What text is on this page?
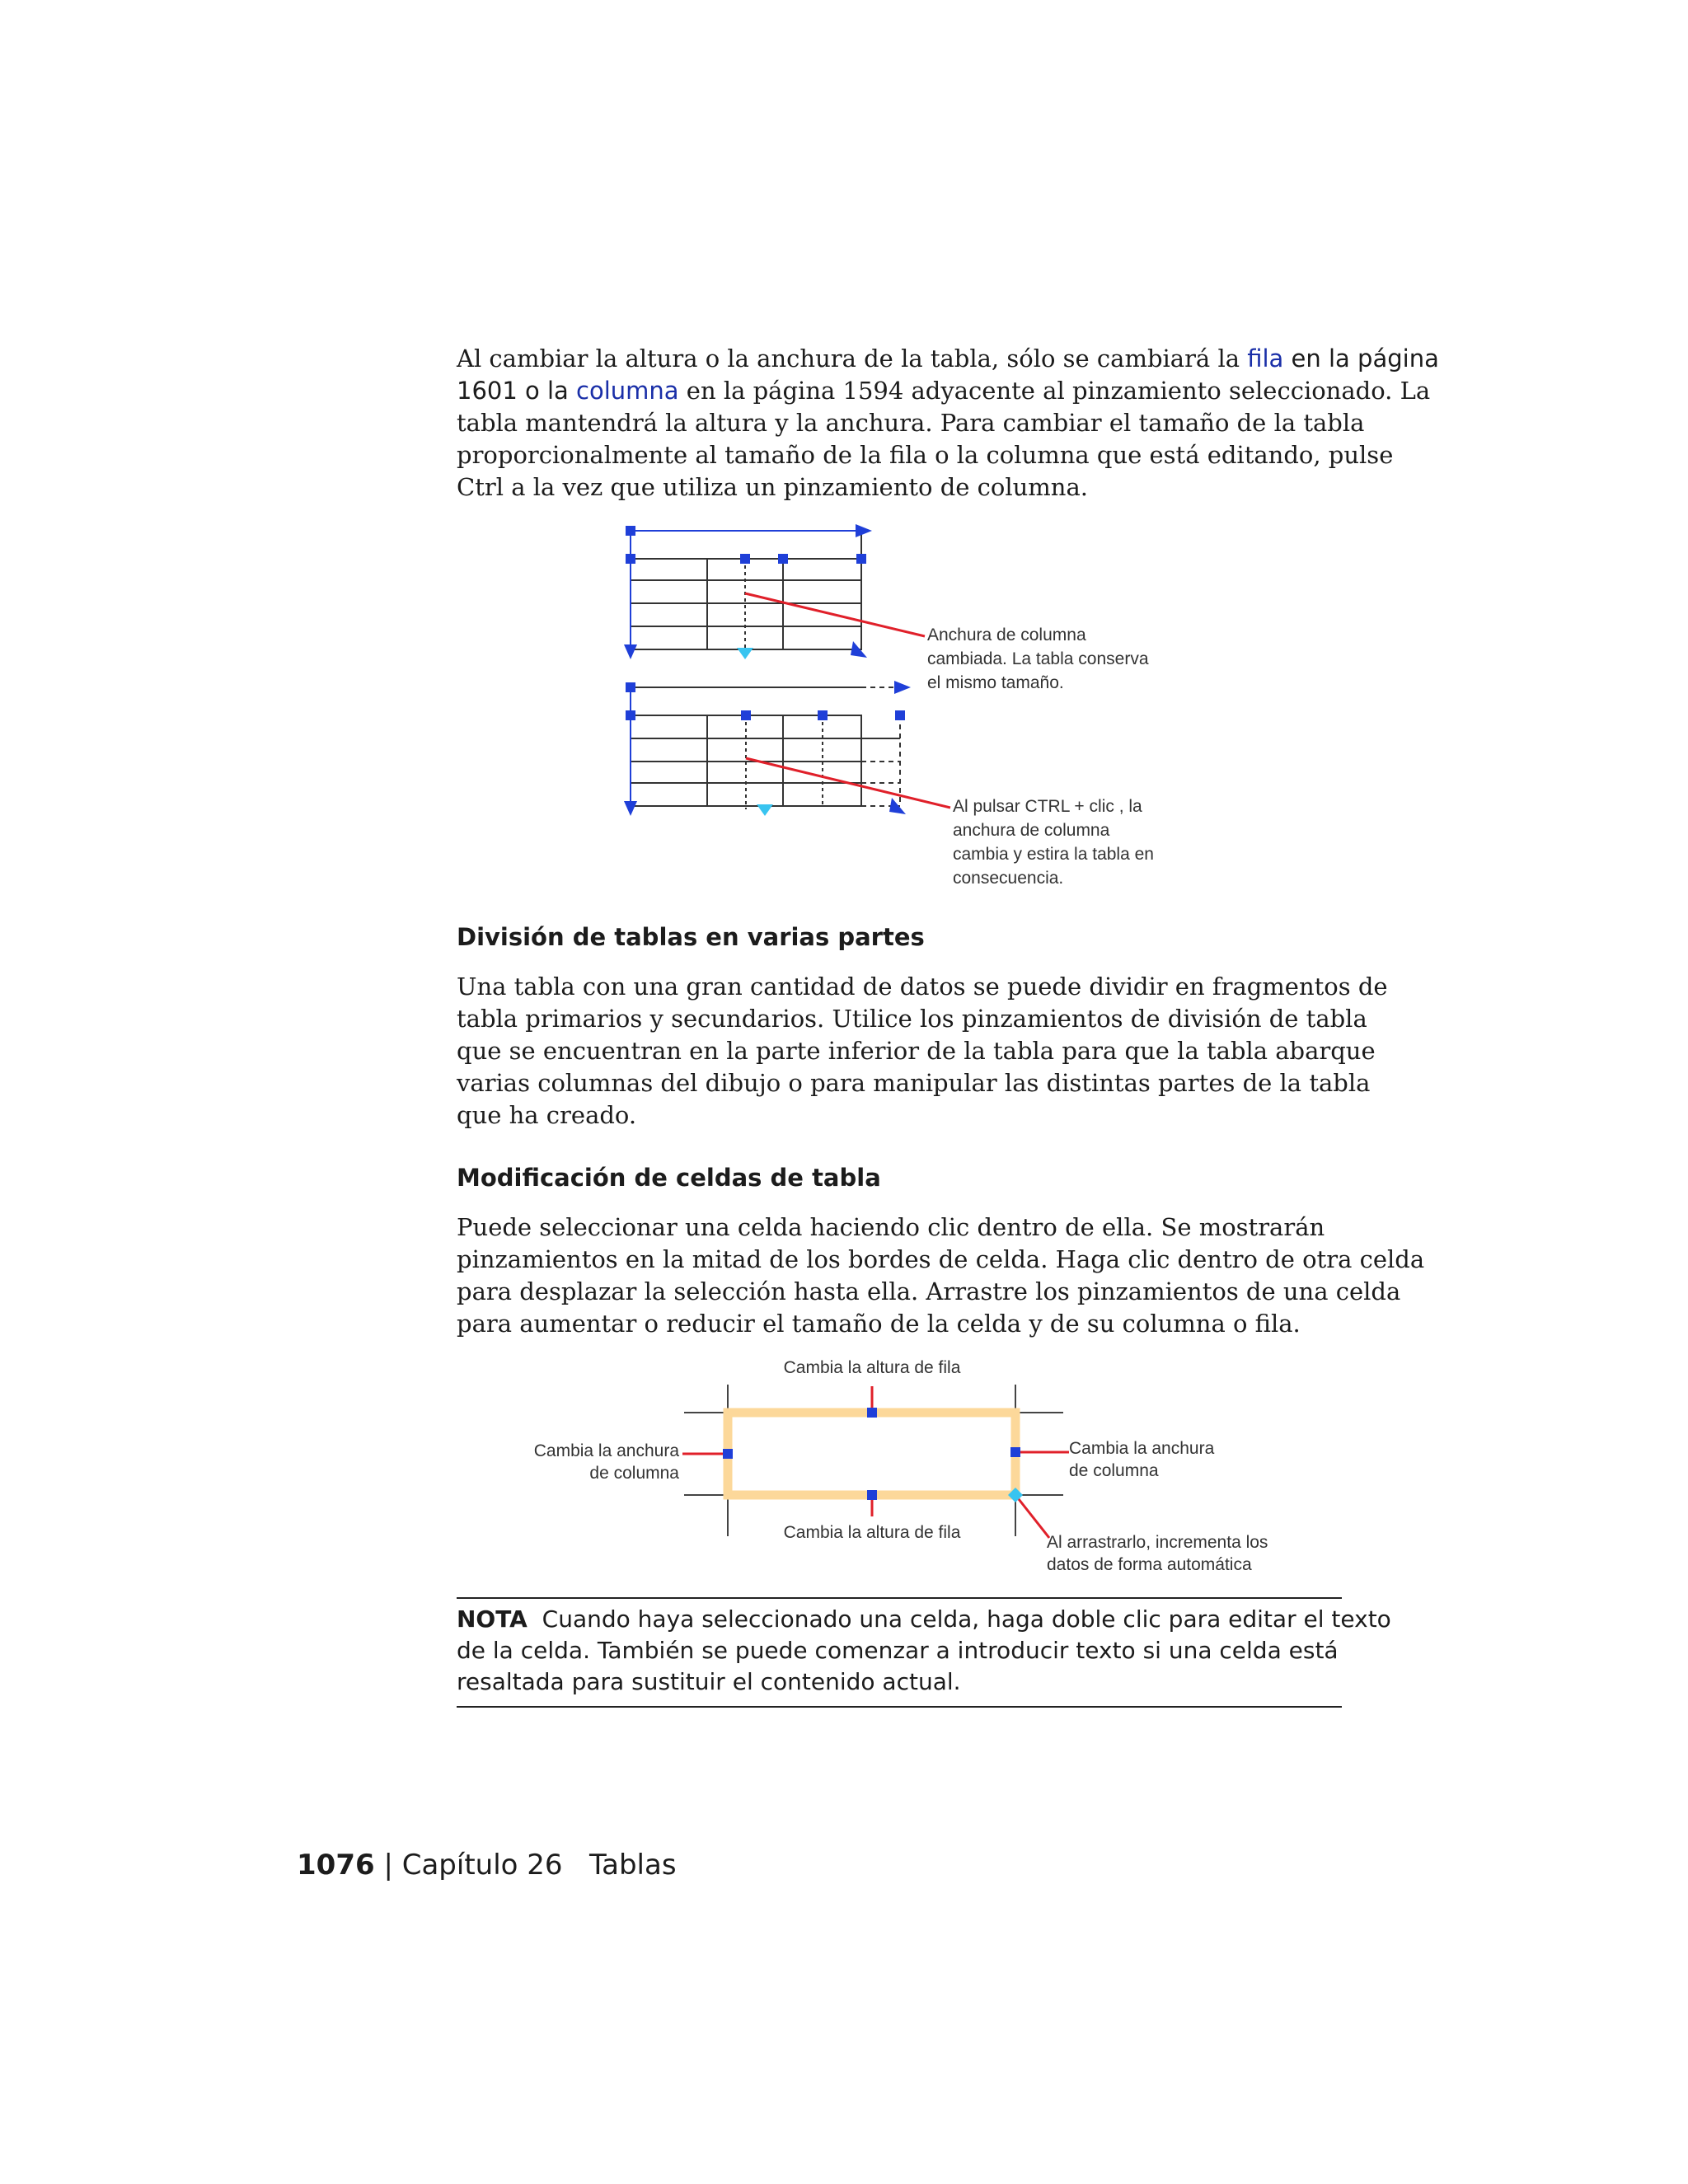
Al cambiar la altura o la anchura de la tabla, sólo se cambiará la fila en la página
1601 o la columna en la página 1594 adyacente al pinzamiento seleccionado. La
tabla mantendrá la altura y la anchura. Para cambiar el tamaño de la tabla
proporcionalmente al tamaño de la fila o la columna que está editando, pulse
Ctrl a la vez que utiliza un pinzamiento de columna.
Anchura de columna
cambiada. La tabla conserva
el mismo tamaño.
Al pulsar CTRL + clic , la
anchura de columna
cambia y estira la tabla en
consecuencia.
División de tablas en varias partes
Una tabla con una gran cantidad de datos se puede dividir en fragmentos de
tabla primarios y secundarios. Utilice los pinzamientos de división de tabla
que se encuentran en la parte inferior de la tabla para que la tabla abarque
varias columnas del dibujo o para manipular las distintas partes de la tabla
que ha creado.
Modificación de celdas de tabla
Puede seleccionar una celda haciendo clic dentro de ella. Se mostrarán
pinzamientos en la mitad de los bordes de celda. Haga clic dentro de otra celda
para desplazar la selección hasta ella. Arrastre los pinzamientos de una celda
para aumentar o reducir el tamaño de la celda y de su columna o fila.
Cambia la altura de fila
Cambia la altura de fila
Cambia la anchura
de columna
Cambia la anchura
de columna
Al arrastrarlo, incrementa los
datos de forma automática
NOTA Cuando haya seleccionado una celda, haga doble clic para editar el texto
de la celda. También se puede comenzar a introducir texto si una celda está
resaltada para sustituir el contenido actual.
1076 | Capítulo 26 Tablas
